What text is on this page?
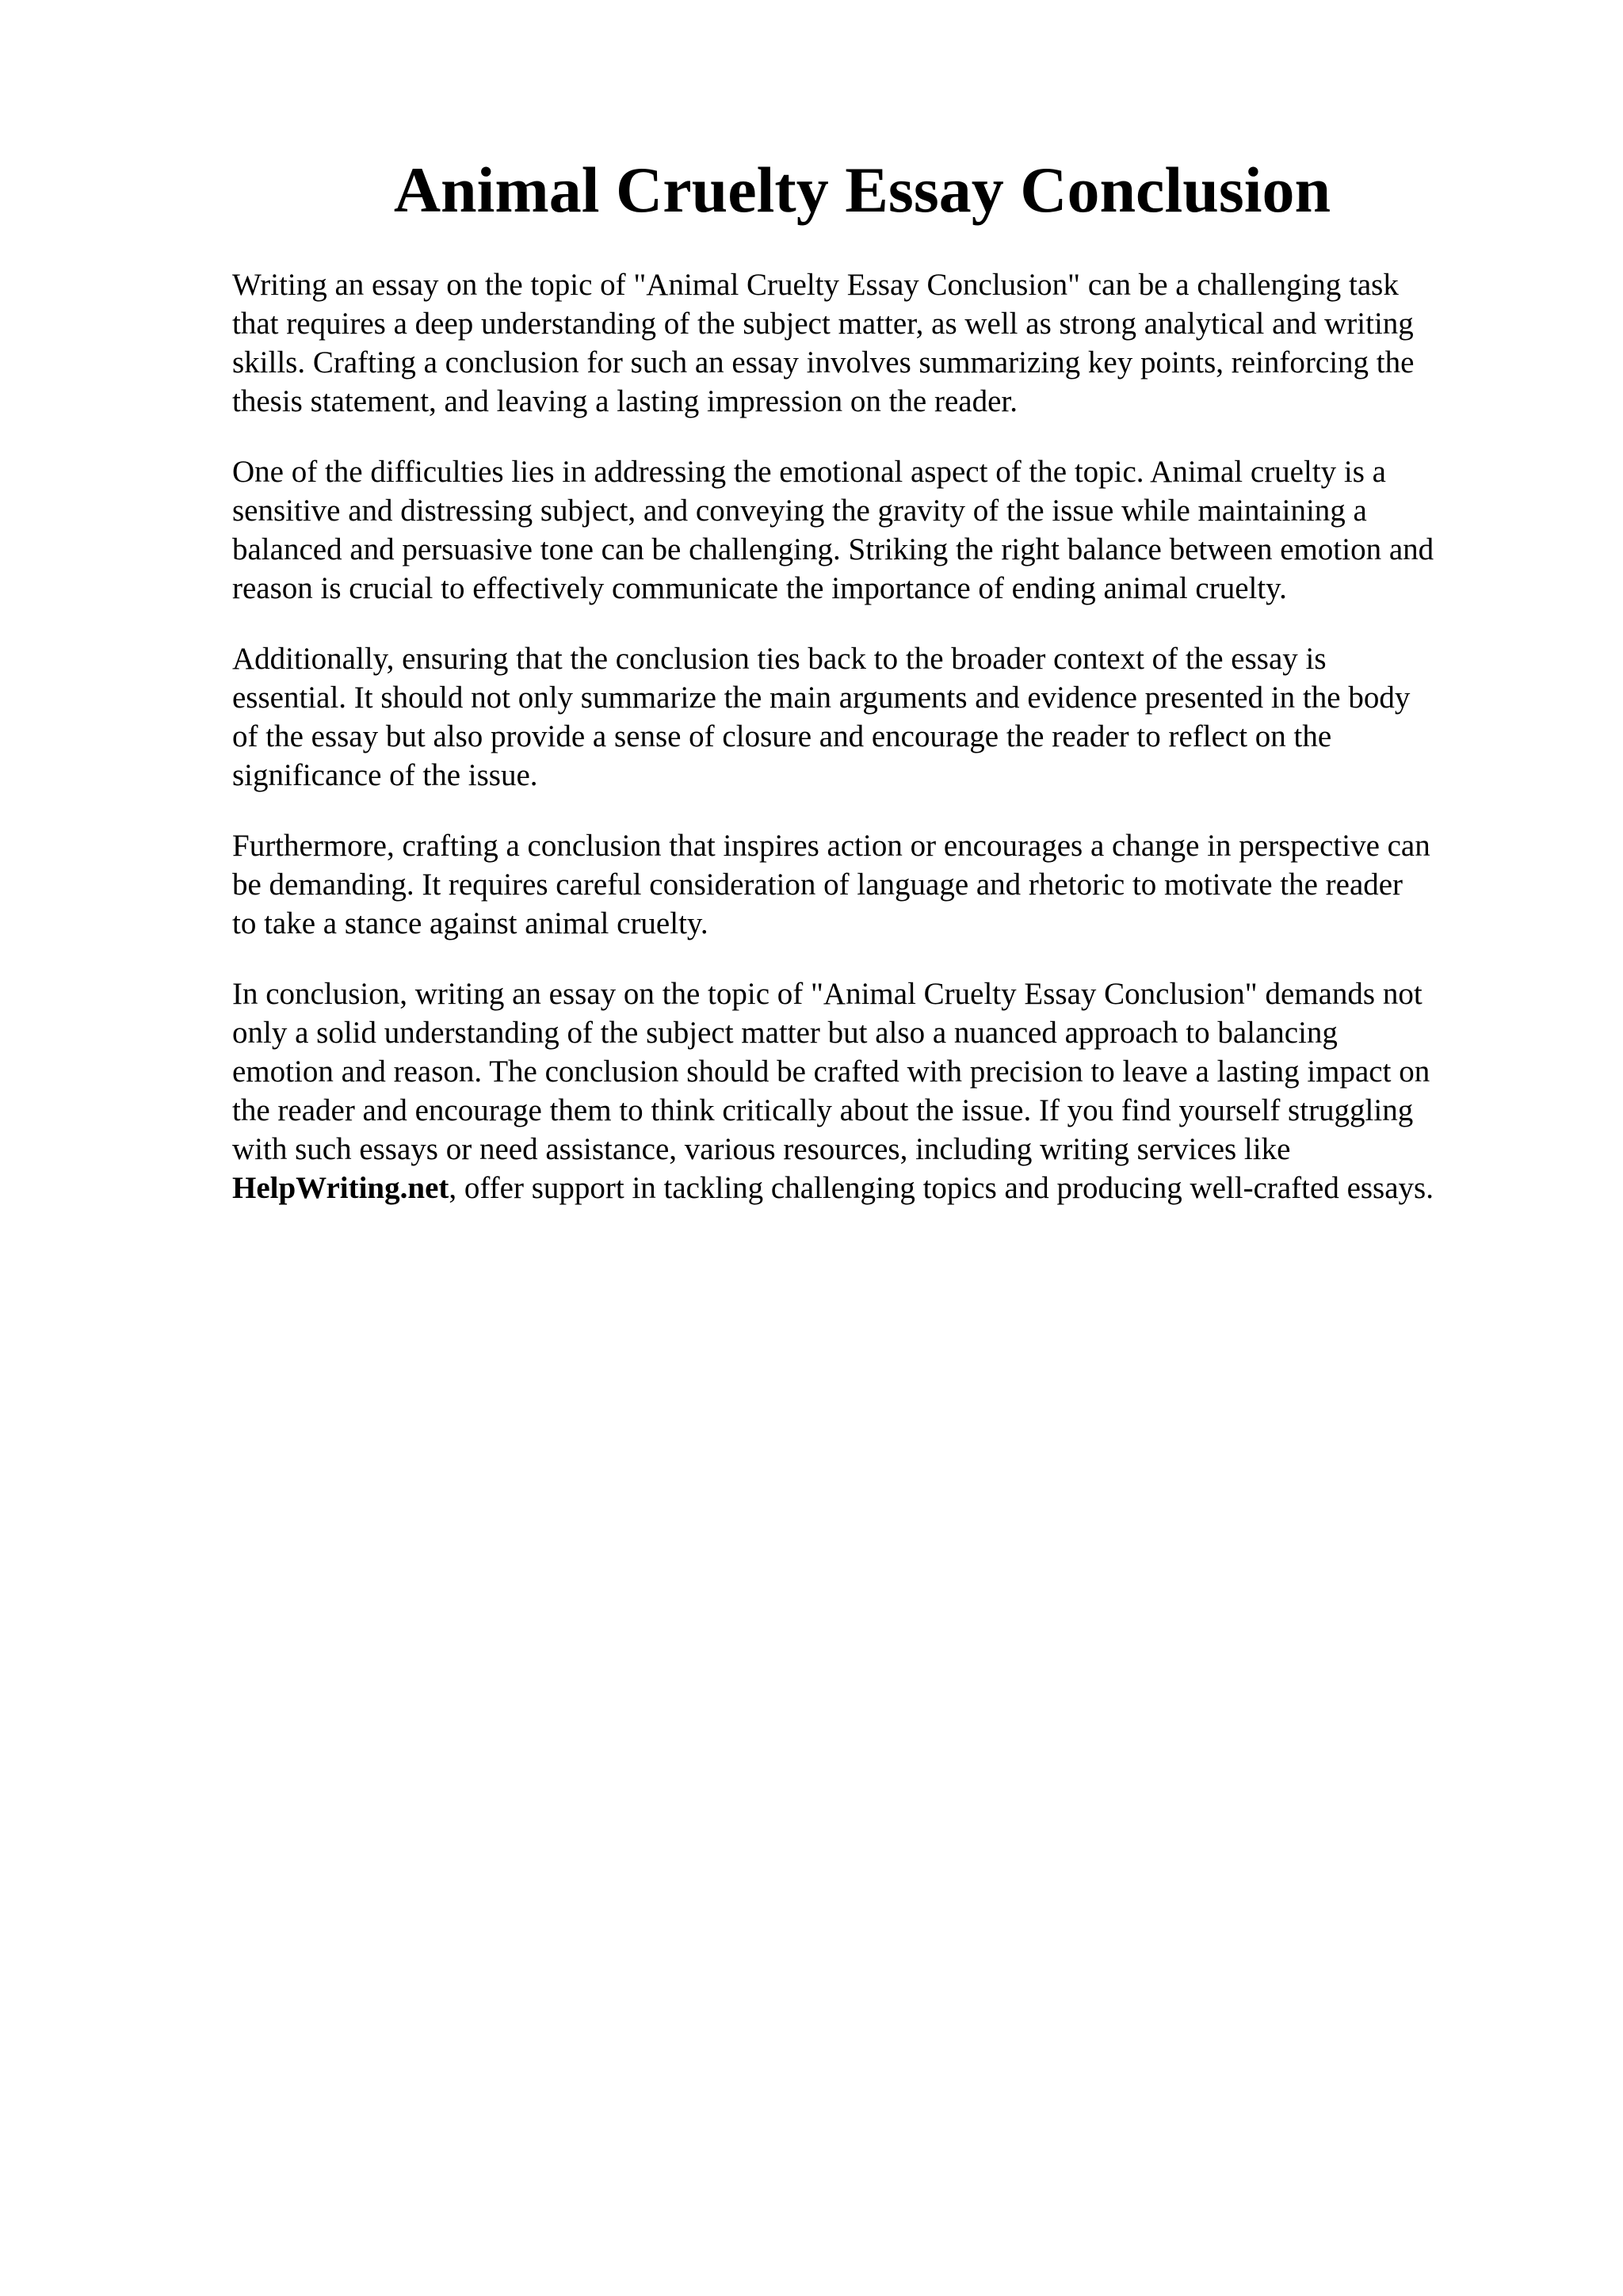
Animal Cruelty Essay Conclusion

Writing an essay on the topic of "Animal Cruelty Essay Conclusion" can be a challenging task
that requires a deep understanding of the subject matter, as well as strong analytical and writing
skills. Crafting a conclusion for such an essay involves summarizing key points, reinforcing the
thesis statement, and leaving a lasting impression on the reader.

One of the difficulties lies in addressing the emotional aspect of the topic. Animal cruelty is a
sensitive and distressing subject, and conveying the gravity of the issue while maintaining a
balanced and persuasive tone can be challenging. Striking the right balance between emotion and
reason is crucial to effectively communicate the importance of ending animal cruelty.

Additionally, ensuring that the conclusion ties back to the broader context of the essay is
essential. It should not only summarize the main arguments and evidence presented in the body
of the essay but also provide a sense of closure and encourage the reader to reflect on the
significance of the issue.

Furthermore, crafting a conclusion that inspires action or encourages a change in perspective can
be demanding. It requires careful consideration of language and rhetoric to motivate the reader
to take a stance against animal cruelty.

In conclusion, writing an essay on the topic of "Animal Cruelty Essay Conclusion" demands not
only a solid understanding of the subject matter but also a nuanced approach to balancing
emotion and reason. The conclusion should be crafted with precision to leave a lasting impact on
the reader and encourage them to think critically about the issue. If you find yourself struggling
with such essays or need assistance, various resources, including writing services like
HelpWriting.net, offer support in tackling challenging topics and producing well-crafted essays.
